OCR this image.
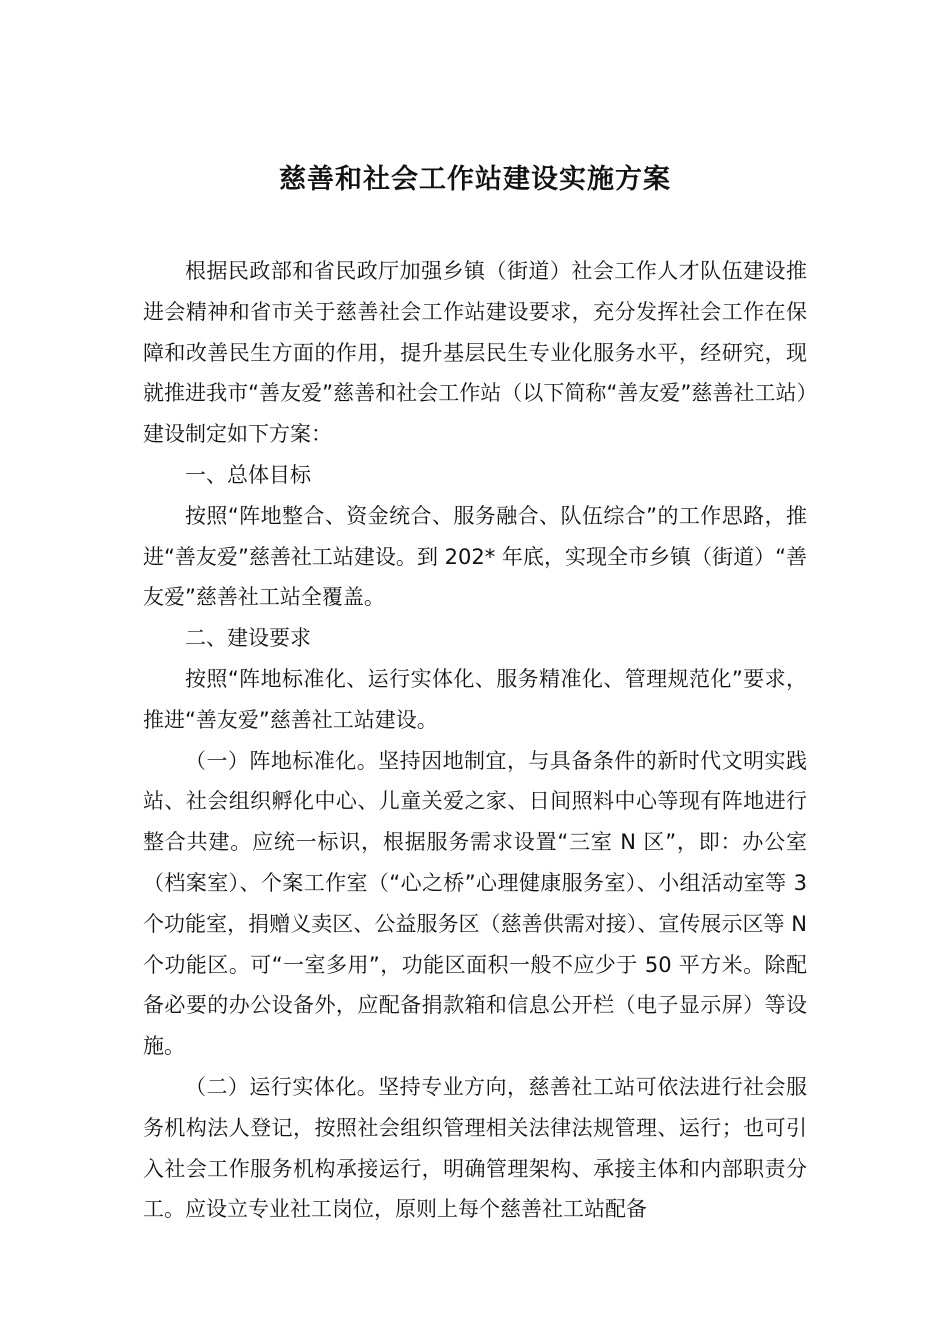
慈善和社会工作站建设实施方案

根据民政部和省民政厅加强乡镇（街道）社会工作人才队伍建设推进会精神和省市关于慈善社会工作站建设要求，充分发挥社会工作在保障和改善民生方面的作用，提升基层民生专业化服务水平，经研究，现就推进我市“善友爱”慈善和社会工作站（以下简称“善友爱”慈善社工站）建设制定如下方案：

一、总体目标

按照“阵地整合、资金统合、服务融合、队伍综合”的工作思路，推进“善友爱”慈善社工站建设。到 202* 年底，实现全市乡镇（街道）“善友爱”慈善社工站全覆盖。

二、建设要求

按照“阵地标准化、运行实体化、服务精准化、管理规范化”要求，推进“善友爱”慈善社工站建设。

（一）阵地标准化。坚持因地制宜，与具备条件的新时代文明实践站、社会组织孵化中心、儿童关爱之家、日间照料中心等现有阵地进行整合共建。应统一标识，根据服务需求设置“三室 N 区”，即：办公室（档案室）、个案工作室（“心之桥”心理健康服务室）、小组活动室等 3 个功能室，捐赠义卖区、公益服务区（慈善供需对接）、宣传展示区等 N 个功能区。可“一室多用”，功能区面积一般不应少于 50 平方米。除配备必要的办公设备外，应配备捐款箱和信息公开栏（电子显示屏）等设施。

（二）运行实体化。坚持专业方向，慈善社工站可依法进行社会服务机构法人登记，按照社会组织管理相关法律法规管理、运行；也可引入社会工作服务机构承接运行，明确管理架构、承接主体和内部职责分工。应设立专业社工岗位，原则上每个慈善社工站配备
